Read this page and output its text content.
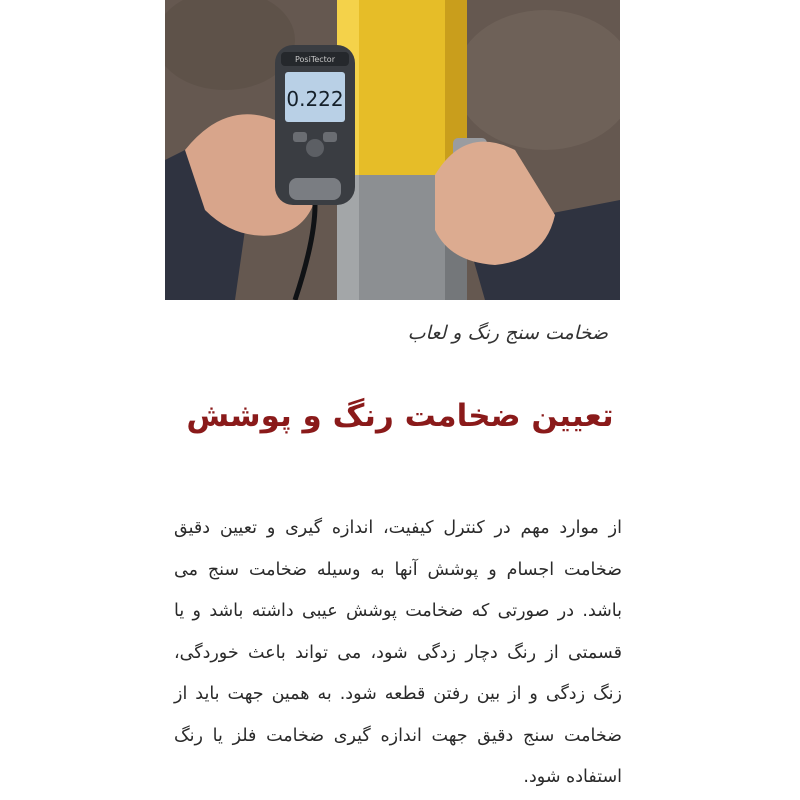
PosiTector
0.222
ضخامت سنج رنگ و لعاب
تعیین ضخامت رنگ و پوشش

از موارد مهم در کنترل کیفیت، اندازه گیری و تعیین دقیق ضخامت اجسام و پوشش آنها به وسیله ضخامت سنج می باشد. در صورتی که ضخامت پوشش عیبی داشته باشد و یا قسمتی از رنگ دچار زدگی شود، می تواند باعث خوردگی، زنگ زدگی و از بین رفتن قطعه شود. به همین جهت باید از ضخامت سنج دقیق جهت اندازه گیری ضخامت فلز یا رنگ استفاده شود.
